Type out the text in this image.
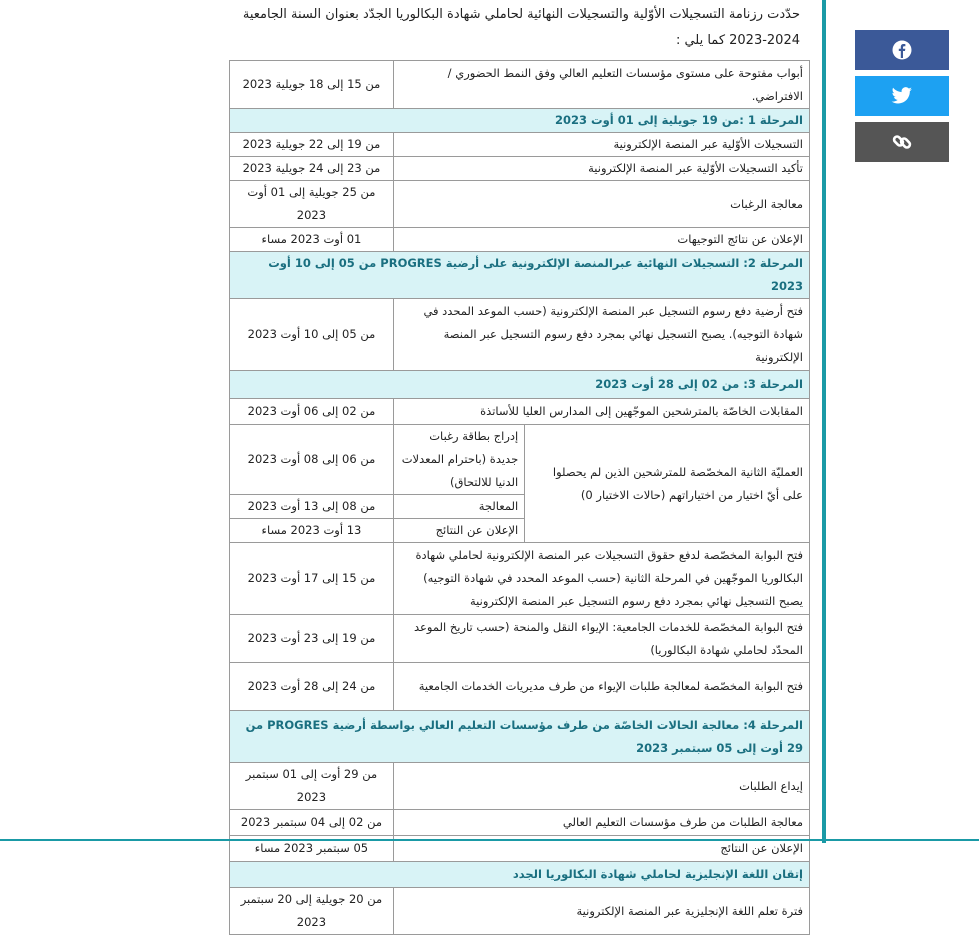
حدّدت رزنامة التسجيلات الأوّلية والتسجيلات النهائية لحاملي شهادة البكالوريا الجدّد بعنوان السنة الجامعية
2023-2024 كما يلي :
أبواب مفتوحة على مستوى مؤسسات التعليم العالي وفق النمط الحضوري / الافتراضي.		من 15 إلى 18 جويلية 2023
المرحلة 1 :من 19 جويلية إلى 01 أوت 2023		
التسجيلات الأوّلية عبر المنصة الإلكترونية		من 19 إلى 22 جويلية 2023
تأكيد التسجيلات الأوّلية عبر المنصة الإلكترونية		من 23 إلى 24 جويلية 2023
معالجة الرغبات		من 25 جويلية إلى 01 أوت 2023
الإعلان عن نتائج التوجيهات		01 أوت 2023 مساء
المرحلة 2: التسجيلات النهائية عبرالمنصة الإلكترونية على أرضية PROGRES من 05 إلى 10 أوت 2023		
فتح أرضية دفع رسوم التسجيل عبر المنصة الإلكترونية (حسب الموعد المحدد في شهادة التوجيه). يصبح التسجيل نهائي بمجرد دفع رسوم التسجيل عبر المنصة الإلكترونية		من 05 إلى 10 أوت 2023
المرحلة 3: من 02 إلى 28 أوت 2023		
المقابلات الخاصّة بالمترشحين الموجّهين إلى المدارس العليا للأساتذة		من 02 إلى 06 أوت 2023
العمليّة الثانية المخصّصة للمترشحين الذين لم يحصلوا على أيّ اختيار من اختياراتهم (حالات الاختيار 0)	إدراج بطاقة رغبات جديدة (باحترام المعدلات الدنيا للالتحاق)	من 06 إلى 08 أوت 2023
	المعالجة	من 08 إلى 13 أوت 2023
	الإعلان عن النتائج	13 أوت 2023 مساء
فتح البوابة المخصّصة لدفع حقوق التسجيلات عبر المنصة الإلكترونية لحاملي شهادة البكالوريا الموجّهين في المرحلة الثانية (حسب الموعد المحدد في شهادة التوجيه) يصبح التسجيل نهائي بمجرد دفع رسوم التسجيل عبر المنصة الإلكترونية		من 15 إلى 17 أوت 2023
فتح البوابة المخصّصة للخدمات الجامعية: الإيواء النقل والمنحة (حسب تاريخ الموعد المحدّد لحاملي شهادة البكالوريا)		من 19 إلى 23 أوت 2023
فتح البوابة المخصّصة لمعالجة طلبات الإيواء من طرف مديريات الخدمات الجامعية		من 24 إلى 28 أوت 2023
المرحلة 4: معالجة الحالات الخاصّة من طرف مؤسسات التعليم العالي بواسطة أرضية PROGRES من 29 أوت إلى 05 سبتمبر 2023		
إيداع الطلبات		من 29 أوت إلى 01 سبتمبر 2023
معالجة الطلبات من طرف مؤسسات التعليم العالي		من 02 إلى 04 سبتمبر 2023
الإعلان عن النتائج		05 سبتمبر 2023 مساء
إتقان اللغة الإنجليزية لحاملي شهادة البكالوريا الجدد		
فترة تعلم اللغة الإنجليزية عبر المنصة الإلكترونية		من 20 جويلية إلى 20 سبتمبر 2023
